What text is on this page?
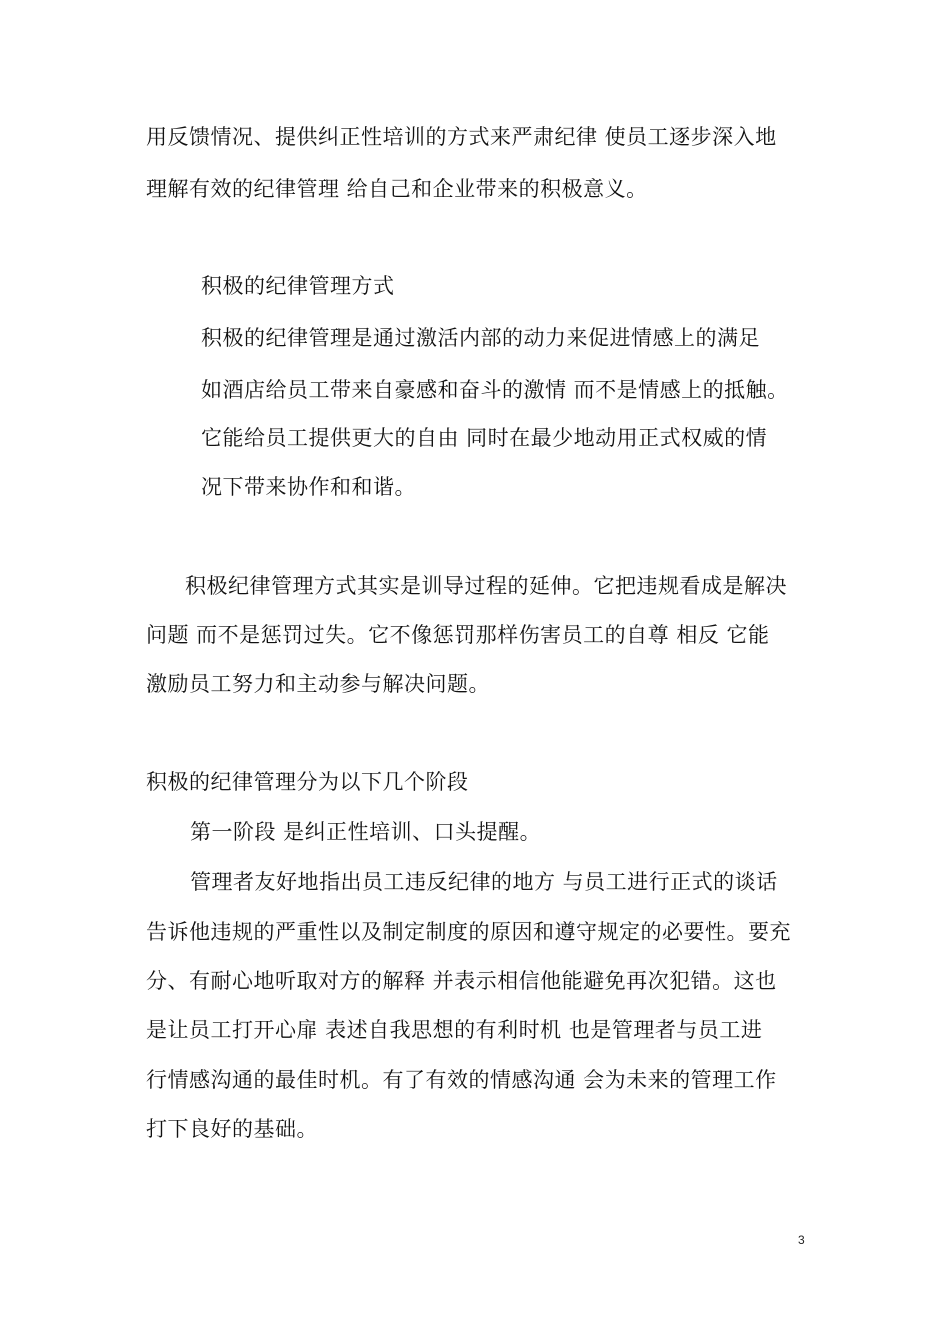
用反馈情况、提供纠正性培训的方式来严肃纪律 使员工逐步深入地
理解有效的纪律管理 给自己和企业带来的积极意义。
积极的纪律管理方式
积极的纪律管理是通过激活内部的动力来促进情感上的满足
如酒店给员工带来自豪感和奋斗的激情 而不是情感上的抵触。
它能给员工提供更大的自由 同时在最少地动用正式权威的情
况下带来协作和和谐。
积极纪律管理方式其实是训导过程的延伸。它把违规看成是解决
问题 而不是惩罚过失。它不像惩罚那样伤害员工的自尊 相反 它能
激励员工努力和主动参与解决问题。
积极的纪律管理分为以下几个阶段
第一阶段 是纠正性培训、口头提醒。
管理者友好地指出员工违反纪律的地方 与员工进行正式的谈话
告诉他违规的严重性以及制定制度的原因和遵守规定的必要性。要充
分、有耐心地听取对方的解释 并表示相信他能避免再次犯错。这也
是让员工打开心扉 表述自我思想的有利时机 也是管理者与员工进
行情感沟通的最佳时机。有了有效的情感沟通 会为未来的管理工作
打下良好的基础。
3
